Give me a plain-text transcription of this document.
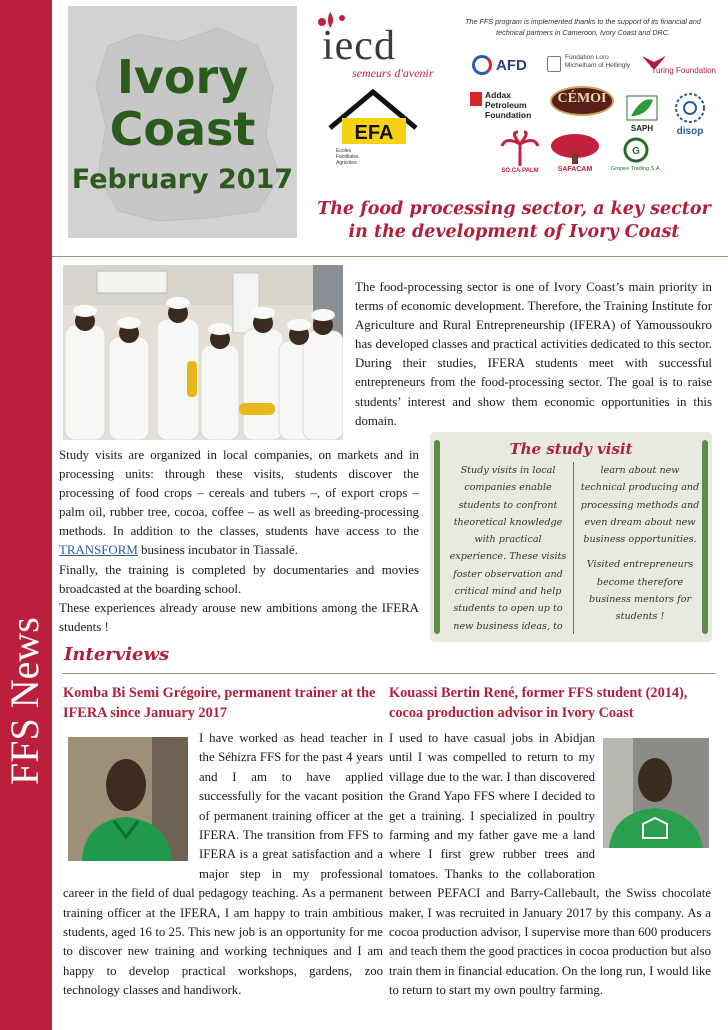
FFS News
Ivory
Coast
February 2017
iecd
semeurs d'avenir
EFA
Ecoles
Familiales
Agricoles
The FFS program is implemented thanks to the support of its financial and technical partners in Cameroon, Ivory Coast and DRC.
AFD	Fondation Loro Michelham of Hellingly
Turing Foundation
Addax Petroleum Foundation
CÉMOI
SAPH	disop
SO.CA.PALM	SAFACAM
G
Gropee Trading S.A.
The food processing sector, a key sector
in the development of Ivory Coast
The food-processing sector is one of Ivory Coast’s main priority in terms of economic development. Therefore, the Training Institute for Agriculture and Rural Entrepreneurship (IFERA) of Yamoussoukro has developed classes and practical activities dedicated to this sector. During their studies, IFERA students meet with successful entrepreneurs from the food-processing sector. The goal is to raise students’ interest and show them economic opportunities in this domain.

Study visits are organized in local companies, on markets and in processing units: through these visits, students discover the processing of food crops – cereals and tubers –, of export crops – palm oil, rubber tree, cocoa, coffee – as well as breeding-processing methods. In addition to the classes, students have access to the TRANSFORM business incubator in Tiassalé.

Finally, the training is completed by documentaries and movies broadcasted at the boarding school.

These experiences already arouse new ambitions among the IFERA students !

The study visit
Study visits in local companies enable students to confront theoretical knowledge with practical experience. These visits foster observation and critical mind and help students to open up to new business ideas, to

learn about new technical producing and processing methods and even dream about new business opportunities.

Visited entrepreneurs become therefore business mentors for students !

Interviews
Komba Bi Semi Grégoire, permanent trainer at the IFERA since January 2017
Kouassi Bertin René, former FFS student (2014), cocoa production advisor in Ivory Coast
I have worked as head teacher in the Séhizra FFS for the past 4 years and I am to have applied successfully for the vacant position of permanent training officer at the IFERA. The transition from FFS to IFERA is a great satisfaction and a major step in my professional career in the field of dual pedagogy teaching. As a permanent training officer at the IFERA, I am happy to train ambitious students, aged 16 to 25. This new job is an opportunity for me to discover new training and working techniques and I am happy to develop practical workshops, gardens, zoo technology classes and handiwork.
I used to have casual jobs in Abidjan until I was compelled to return to my village due to the war. I than discovered the Grand Yapo FFS where I decided to get a training. I specialized in poultry farming and my father gave me a land where I first grew rubber trees and tomatoes. Thanks to the collaboration between PEFACI and Barry-Callebault, the Swiss chocolate maker, I was recruited in January 2017 by this company. As a cocoa production advisor, I supervise more than 600 producers and teach them the good practices in cocoa production but also train them in financial education. On the long run, I would like to return to start my own poultry farming.
